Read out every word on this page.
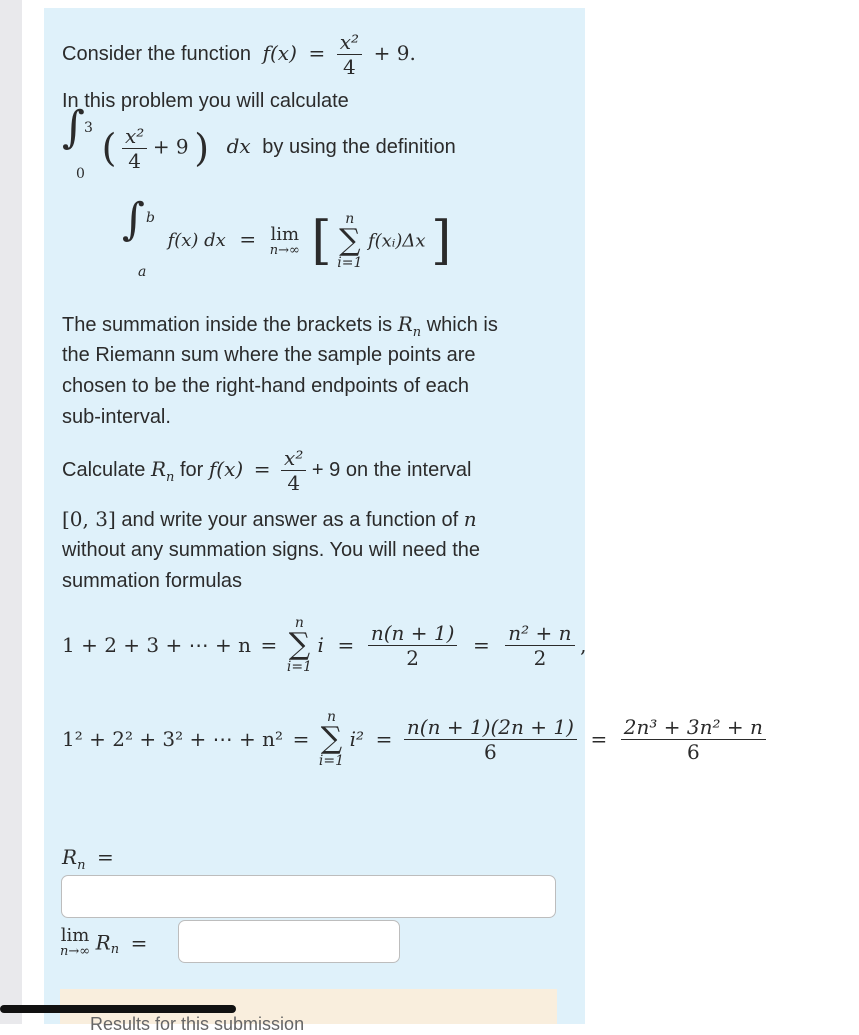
Consider the function $f(x) = \frac{\text{x²}}{4} + 9$.
In this problem you will calculate
∫ 3
0
( $\frac{\text{x²}}{4} + 9$ ) dx by using the definition
∫ b
a
f(x) dx = lim
n→∞ [ n
∑
i=1
f(xᵢ)Δx ]
The summation inside the brackets is $R_n$ which is
the Riemann sum where the sample points are
chosen to be the right-hand endpoints of each
sub-interval.
Calculate $R_n$ for $f(x) = \frac{\text{x²}}{4} + 9$ on the interval
[0, 3] and write your answer as a function of n
without any summation signs. You will need the
summation formulas
1 + 2 + 3 + ⋯ + n =
n
∑
i=1
$i = \frac{n(n + 1)}{2} = \frac{\text{n² + n}}{2}$ ,
1² + 2² + 3² + ⋯ + n² =
n
∑
i=1
$i^2 = \frac{n(n + 1)(2n + 1)}{6} = \frac{\text{2n³ + 3n² + n}}{6}$
$R_n$ =
lim
n→∞ $R_n$ =
Results for this submission
